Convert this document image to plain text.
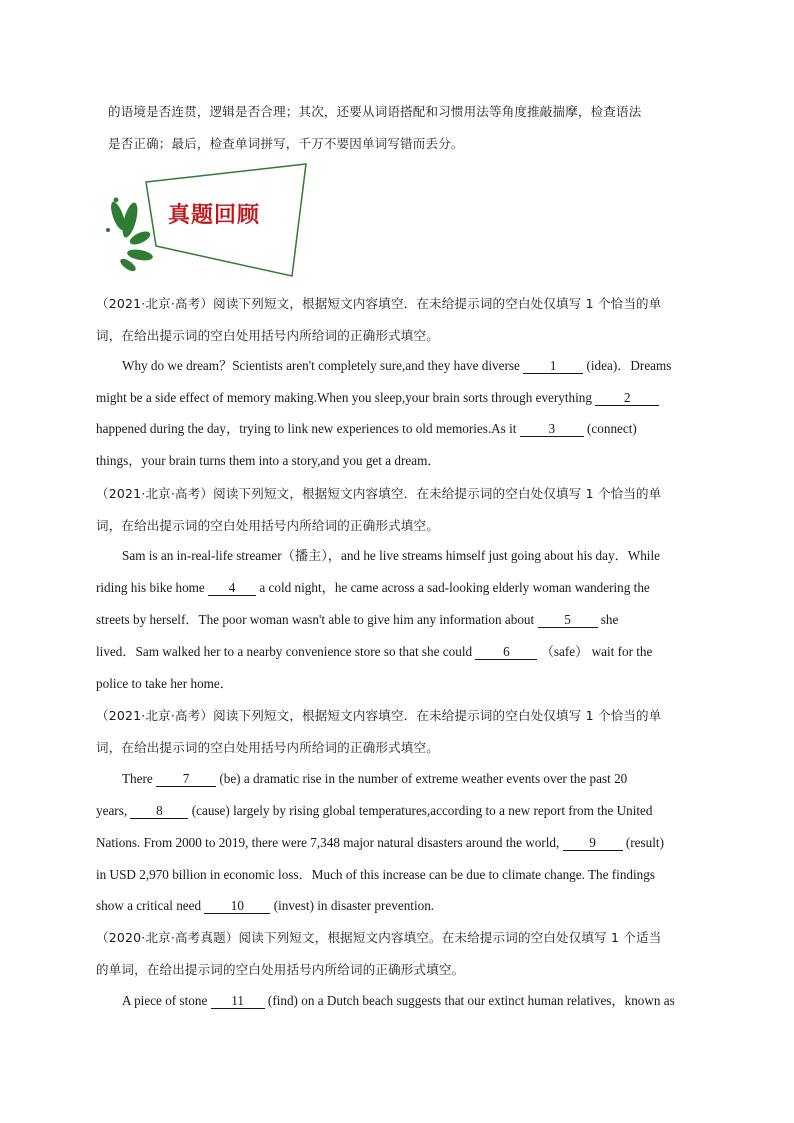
的语境是否连贯，逻辑是否合理；其次，还要从词语搭配和习惯用法等角度推敲揣摩，检查语法
是否正确；最后，检查单词拼写，千万不要因单词写错而丢分。
真题回顾
（2021·北京·高考）阅读下列短文，根据短文内容填空．在未给提示词的空白处仅填写 1 个恰当的单
词，在给出提示词的空白处用括号内所给词的正确形式填空。
Why do we dream？Scientists aren't completely sure,and they have diverse 1 (idea)．Dreams
might be a side effect of memory making.When you sleep,your brain sorts through everything 2
happened during the day，trying to link new experiences to old memories.As it 3 (connect)
things，your brain turns them into a story,and you get a dream．
（2021·北京·高考）阅读下列短文，根据短文内容填空．在未给提示词的空白处仅填写 1 个恰当的单
词，在给出提示词的空白处用括号内所给词的正确形式填空。
Sam is an in-real-life streamer（播主），and he live streams himself just going about his day．While
riding his bike home 4 a cold night，he came across a sad-looking elderly woman wandering the
streets by herself．The poor woman wasn't able to give him any information about 5 she
lived．Sam walked her to a nearby convenience store so that she could 6 （safe） wait for the
police to take her home．
（2021·北京·高考）阅读下列短文，根据短文内容填空．在未给提示词的空白处仅填写 1 个恰当的单
词，在给出提示词的空白处用括号内所给词的正确形式填空。
There 7 (be) a dramatic rise in the number of extreme weather events over the past 20
years, 8 (cause) largely by rising global temperatures,according to a new report from the United
Nations. From 2000 to 2019, there were 7,348 major natural disasters around the world, 9 (result)
in USD 2,970 billion in economic loss．Much of this increase can be due to climate change. The findings
show a critical need 10 (invest) in disaster prevention.
（2020·北京·高考真题）阅读下列短文，根据短文内容填空。在未给提示词的空白处仅填写 1 个适当
的单词，在给出提示词的空白处用括号内所给词的正确形式填空。
A piece of stone 11 (find) on a Dutch beach suggests that our extinct human relatives，known as
